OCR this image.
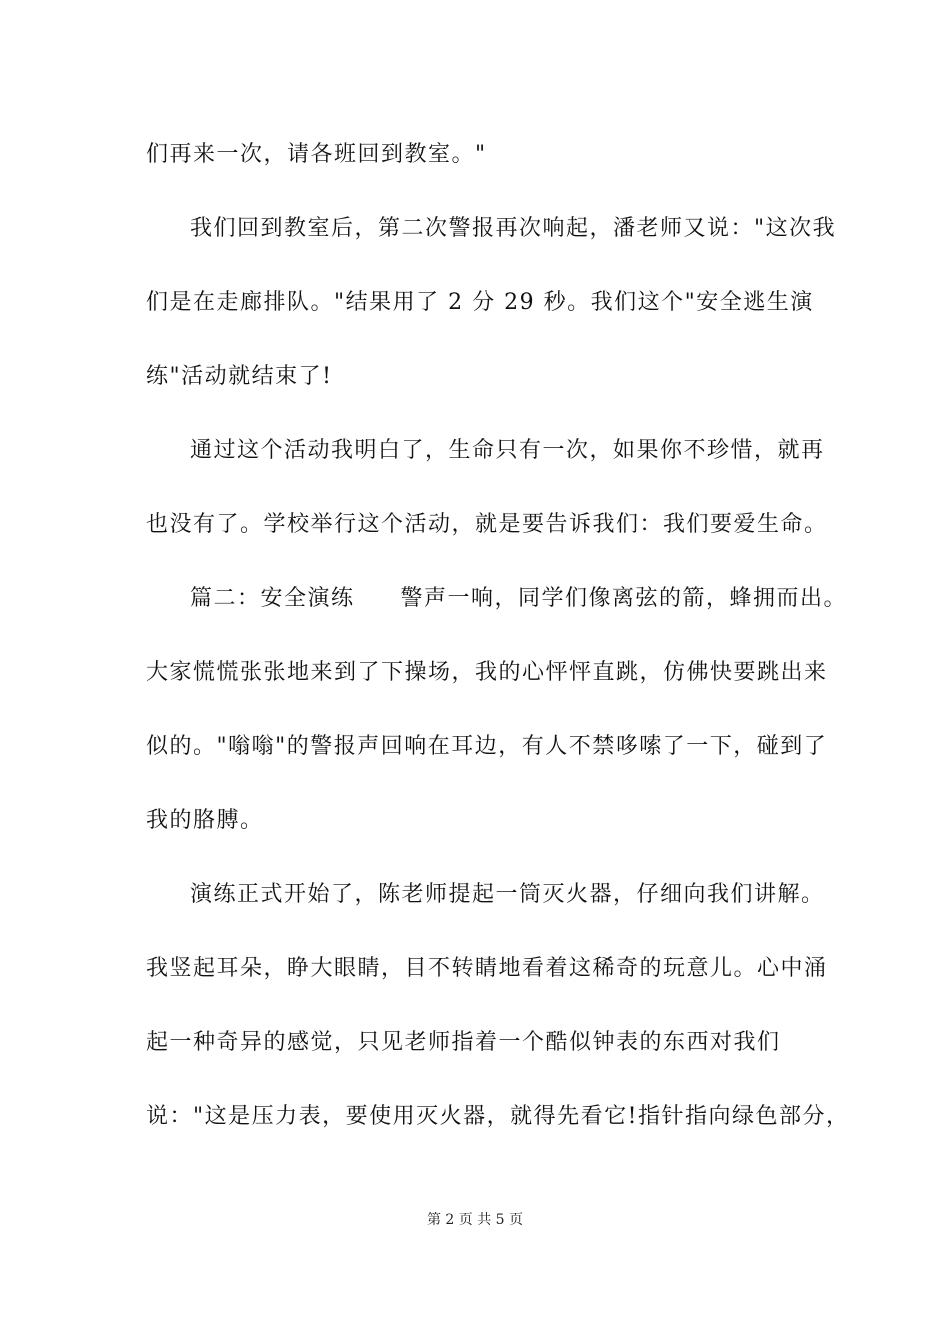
们再来一次，请各班回到教室。"
我们回到教室后，第二次警报再次响起，潘老师又说："这次我
们是在走廊排队。"结果用了 2 分 29 秒。我们这个"安全逃生演
练"活动就结束了!
通过这个活动我明白了，生命只有一次，如果你不珍惜，就再
也没有了。学校举行这个活动，就是要告诉我们：我们要爱生命。
篇二：安全演练 警声一响，同学们像离弦的箭，蜂拥而出。
大家慌慌张张地来到了下操场，我的心怦怦直跳，仿佛快要跳出来
似的。"嗡嗡"的警报声回响在耳边，有人不禁哆嗦了一下，碰到了
我的胳膊。
演练正式开始了，陈老师提起一筒灭火器，仔细向我们讲解。
我竖起耳朵，睁大眼睛，目不转睛地看着这稀奇的玩意儿。心中涌
起一种奇异的感觉，只见老师指着一个酷似钟表的东西对我们
说："这是压力表，要使用灭火器，就得先看它!指针指向绿色部分，
第 2 页 共 5 页
